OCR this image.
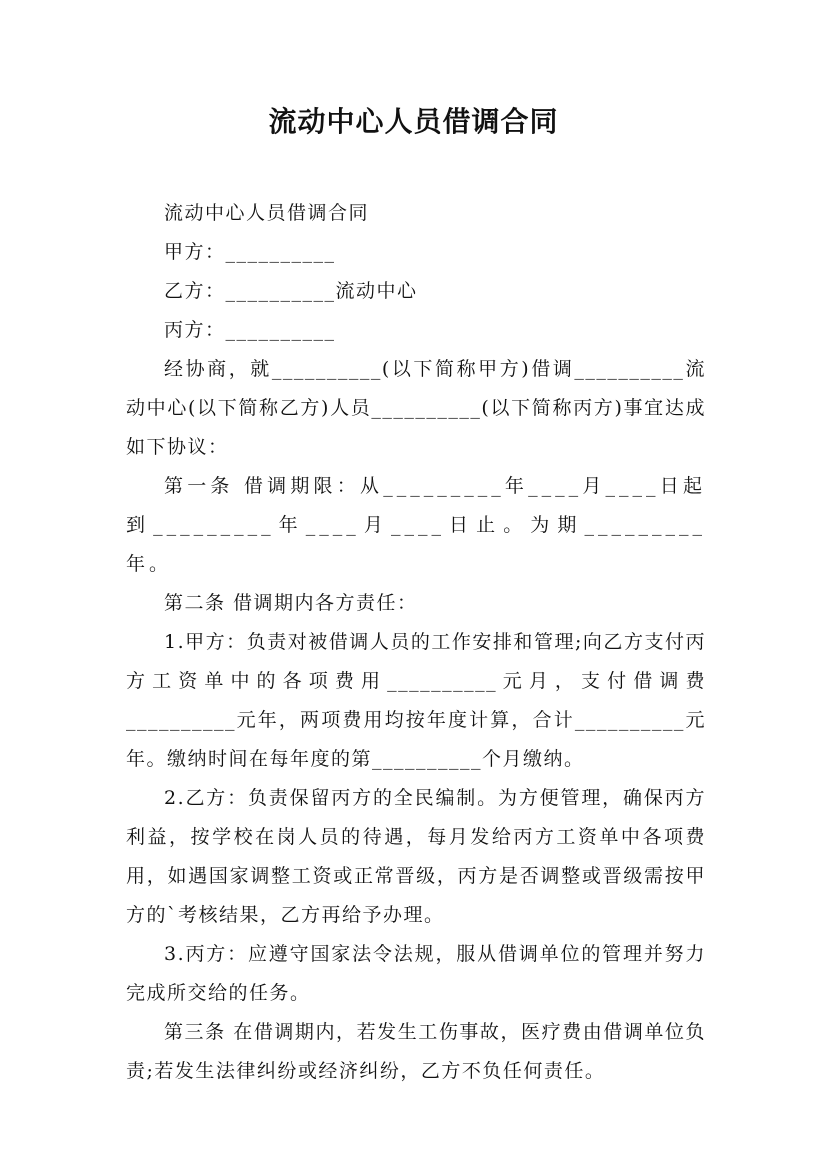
流动中心人员借调合同

流动中心人员借调合同

甲方：__________

乙方：__________流动中心

丙方：__________

经协商，就__________(以下简称甲方)借调__________流动中心(以下简称乙方)人员__________(以下简称丙方)事宜达成如下协议：

第一条 借调期限：从_________年____月____日起到_________年____月____日止。为期_________年。

第二条 借调期内各方责任：

1.甲方：负责对被借调人员的工作安排和管理;向乙方支付丙方工资单中的各项费用__________元月，支付借调费__________元年，两项费用均按年度计算，合计__________元年。缴纳时间在每年度的第__________个月缴纳。

2.乙方：负责保留丙方的全民编制。为方便管理，确保丙方利益，按学校在岗人员的待遇，每月发给丙方工资单中各项费用，如遇国家调整工资或正常晋级，丙方是否调整或晋级需按甲方的`考核结果，乙方再给予办理。

3.丙方：应遵守国家法令法规，服从借调单位的管理并努力完成所交给的任务。

第三条 在借调期内，若发生工伤事故，医疗费由借调单位负责;若发生法律纠纷或经济纠纷，乙方不负任何责任。
